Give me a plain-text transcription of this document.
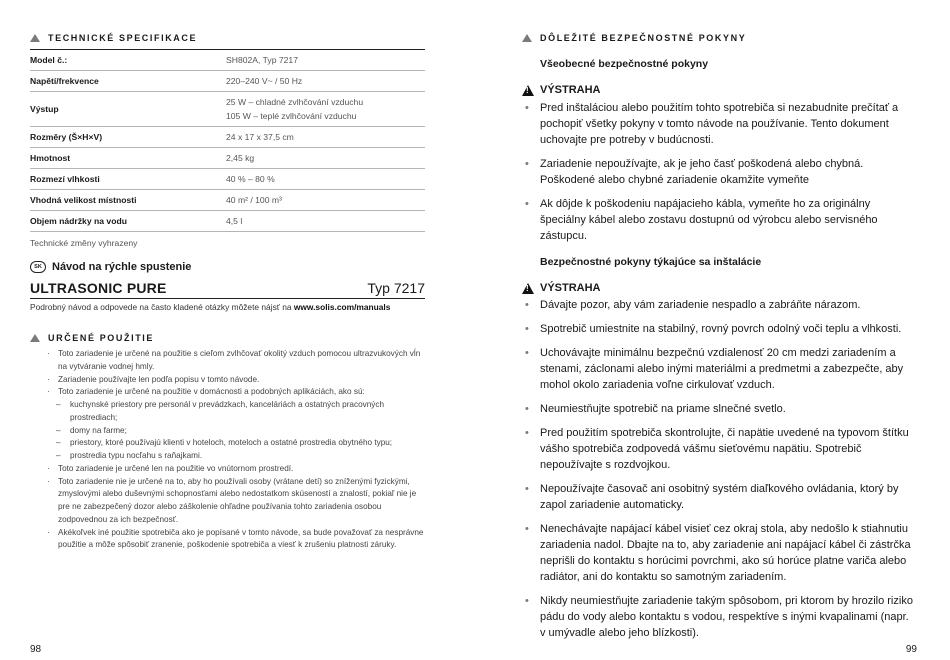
TECHNICKÉ SPECIFIKACE
Model č.:	SH802A, Typ 7217
Napětí/frekvence	220–240 V~ / 50 Hz
Výstup	25 W – chladné zvlhčování vzduchu
105 W – teplé zvlhčování vzduchu

Rozměry (Š×H×V)	24 x 17 x 37,5 cm
Hmotnost	2,45 kg
Rozmezí vlhkosti	40 % – 80 %
Vhodná velikost místnosti	40 m² / 100 m³
Objem nádržky na vodu	4,5 l
Technické změny vyhrazeny
SK Návod na rýchle spustenie
ULTRASONIC PURE	Typ 7217
Podrobný návod a odpovede na často kladené otázky môžete nájsť na www.solis.com/manuals
URČENÉ POUŽITIE
· Toto zariadenie je určené na použitie s cieľom zvlhčovať okolitý vzduch pomocou ultrazvukových vĺn na vytváranie vodnej hmly.
· Zariadenie používajte len podľa popisu v tomto návode.
· Toto zariadenie je určené na použitie v domácnosti a podobných aplikáciách, ako sú:
– kuchynské priestory pre personál v prevádzkach, kanceláriách a ostatných pracovných prostrediach;
– domy na farme;
– priestory, ktoré používajú klienti v hoteloch, moteloch a ostatné prostredia obytného typu;
– prostredia typu nocľahu s raňajkami.
· Toto zariadenie je určené len na použitie vo vnútornom prostredí.
· Toto zariadenie nie je určené na to, aby ho používali osoby (vrátane detí) so zníženými fyzickými, zmyslovými alebo duševnými schopnosťami alebo nedostatkom skúseností a znalostí, pokiaľ nie je pre ne zabezpečený dozor alebo záškolenie ohľadne používania tohto zariadenia osobou zodpovednou za ich bezpečnosť.
· Akékoľvek iné použitie spotrebiča ako je popísané v tomto návode, sa bude považovať za nesprávne použitie a môže spôsobiť zranenie, poškodenie spotrebiča a viesť k zrušeniu platnosti záruky.
98
DÔLEŽITÉ BEZPEČNOSTNÉ POKYNY
Všeobecné bezpečnostné pokyny
! VÝSTRAHA
• Pred inštaláciou alebo použitím tohto spotrebiča si nezabudnite prečítať a pochopiť všetky pokyny v tomto návode na používanie. Tento dokument uchovajte pre potreby v budúcnosti.
• Zariadenie nepoužívajte, ak je jeho časť poškodená alebo chybná. Poškodené alebo chybné zariadenie okamžite vymeňte
• Ak dôjde k poškodeniu napájacieho kábla, vymeňte ho za originálny špeciálny kábel alebo zostavu dostupnú od výrobcu alebo servisného zástupcu.
Bezpečnostné pokyny týkajúce sa inštalácie
! VÝSTRAHA
• Dávajte pozor, aby vám zariadenie nespadlo a zabráňte nárazom.
• Spotrebič umiestnite na stabilný, rovný povrch odolný voči teplu a vlhkosti.
• Uchovávajte minimálnu bezpečnú vzdialenosť 20 cm medzi zariadením a stenami, záclonami alebo inými materiálmi a predmetmi a zabezpečte, aby mohol okolo zariadenia voľne cirkulovať vzduch.
• Neumiestňujte spotrebič na priame slnečné svetlo.
• Pred použitím spotrebiča skontrolujte, či napätie uvedené na typovom štítku vášho spotrebiča zodpovedá vášmu sieťovému napätiu. Spotrebič nepoužívajte s rozdvojkou.
• Nepoužívajte časovač ani osobitný systém diaľkového ovládania, ktorý by zapol zariadenie automaticky.
• Nenechávajte napájací kábel visieť cez okraj stola, aby nedošlo k stiahnutiu zariadenia nadol. Dbajte na to, aby zariadenie ani napájací kábel či zástrčka neprišli do kontaktu s horúcimi povrchmi, ako sú horúce platne variča alebo radiátor, ani do kontaktu so samotným zariadením.
• Nikdy neumiestňujte zariadenie takým spôsobom, pri ktorom by hrozilo riziko pádu do vody alebo kontaktu s vodou, respektíve s inými kvapalinami (napr. v umývadle alebo jeho blízkosti).
99
